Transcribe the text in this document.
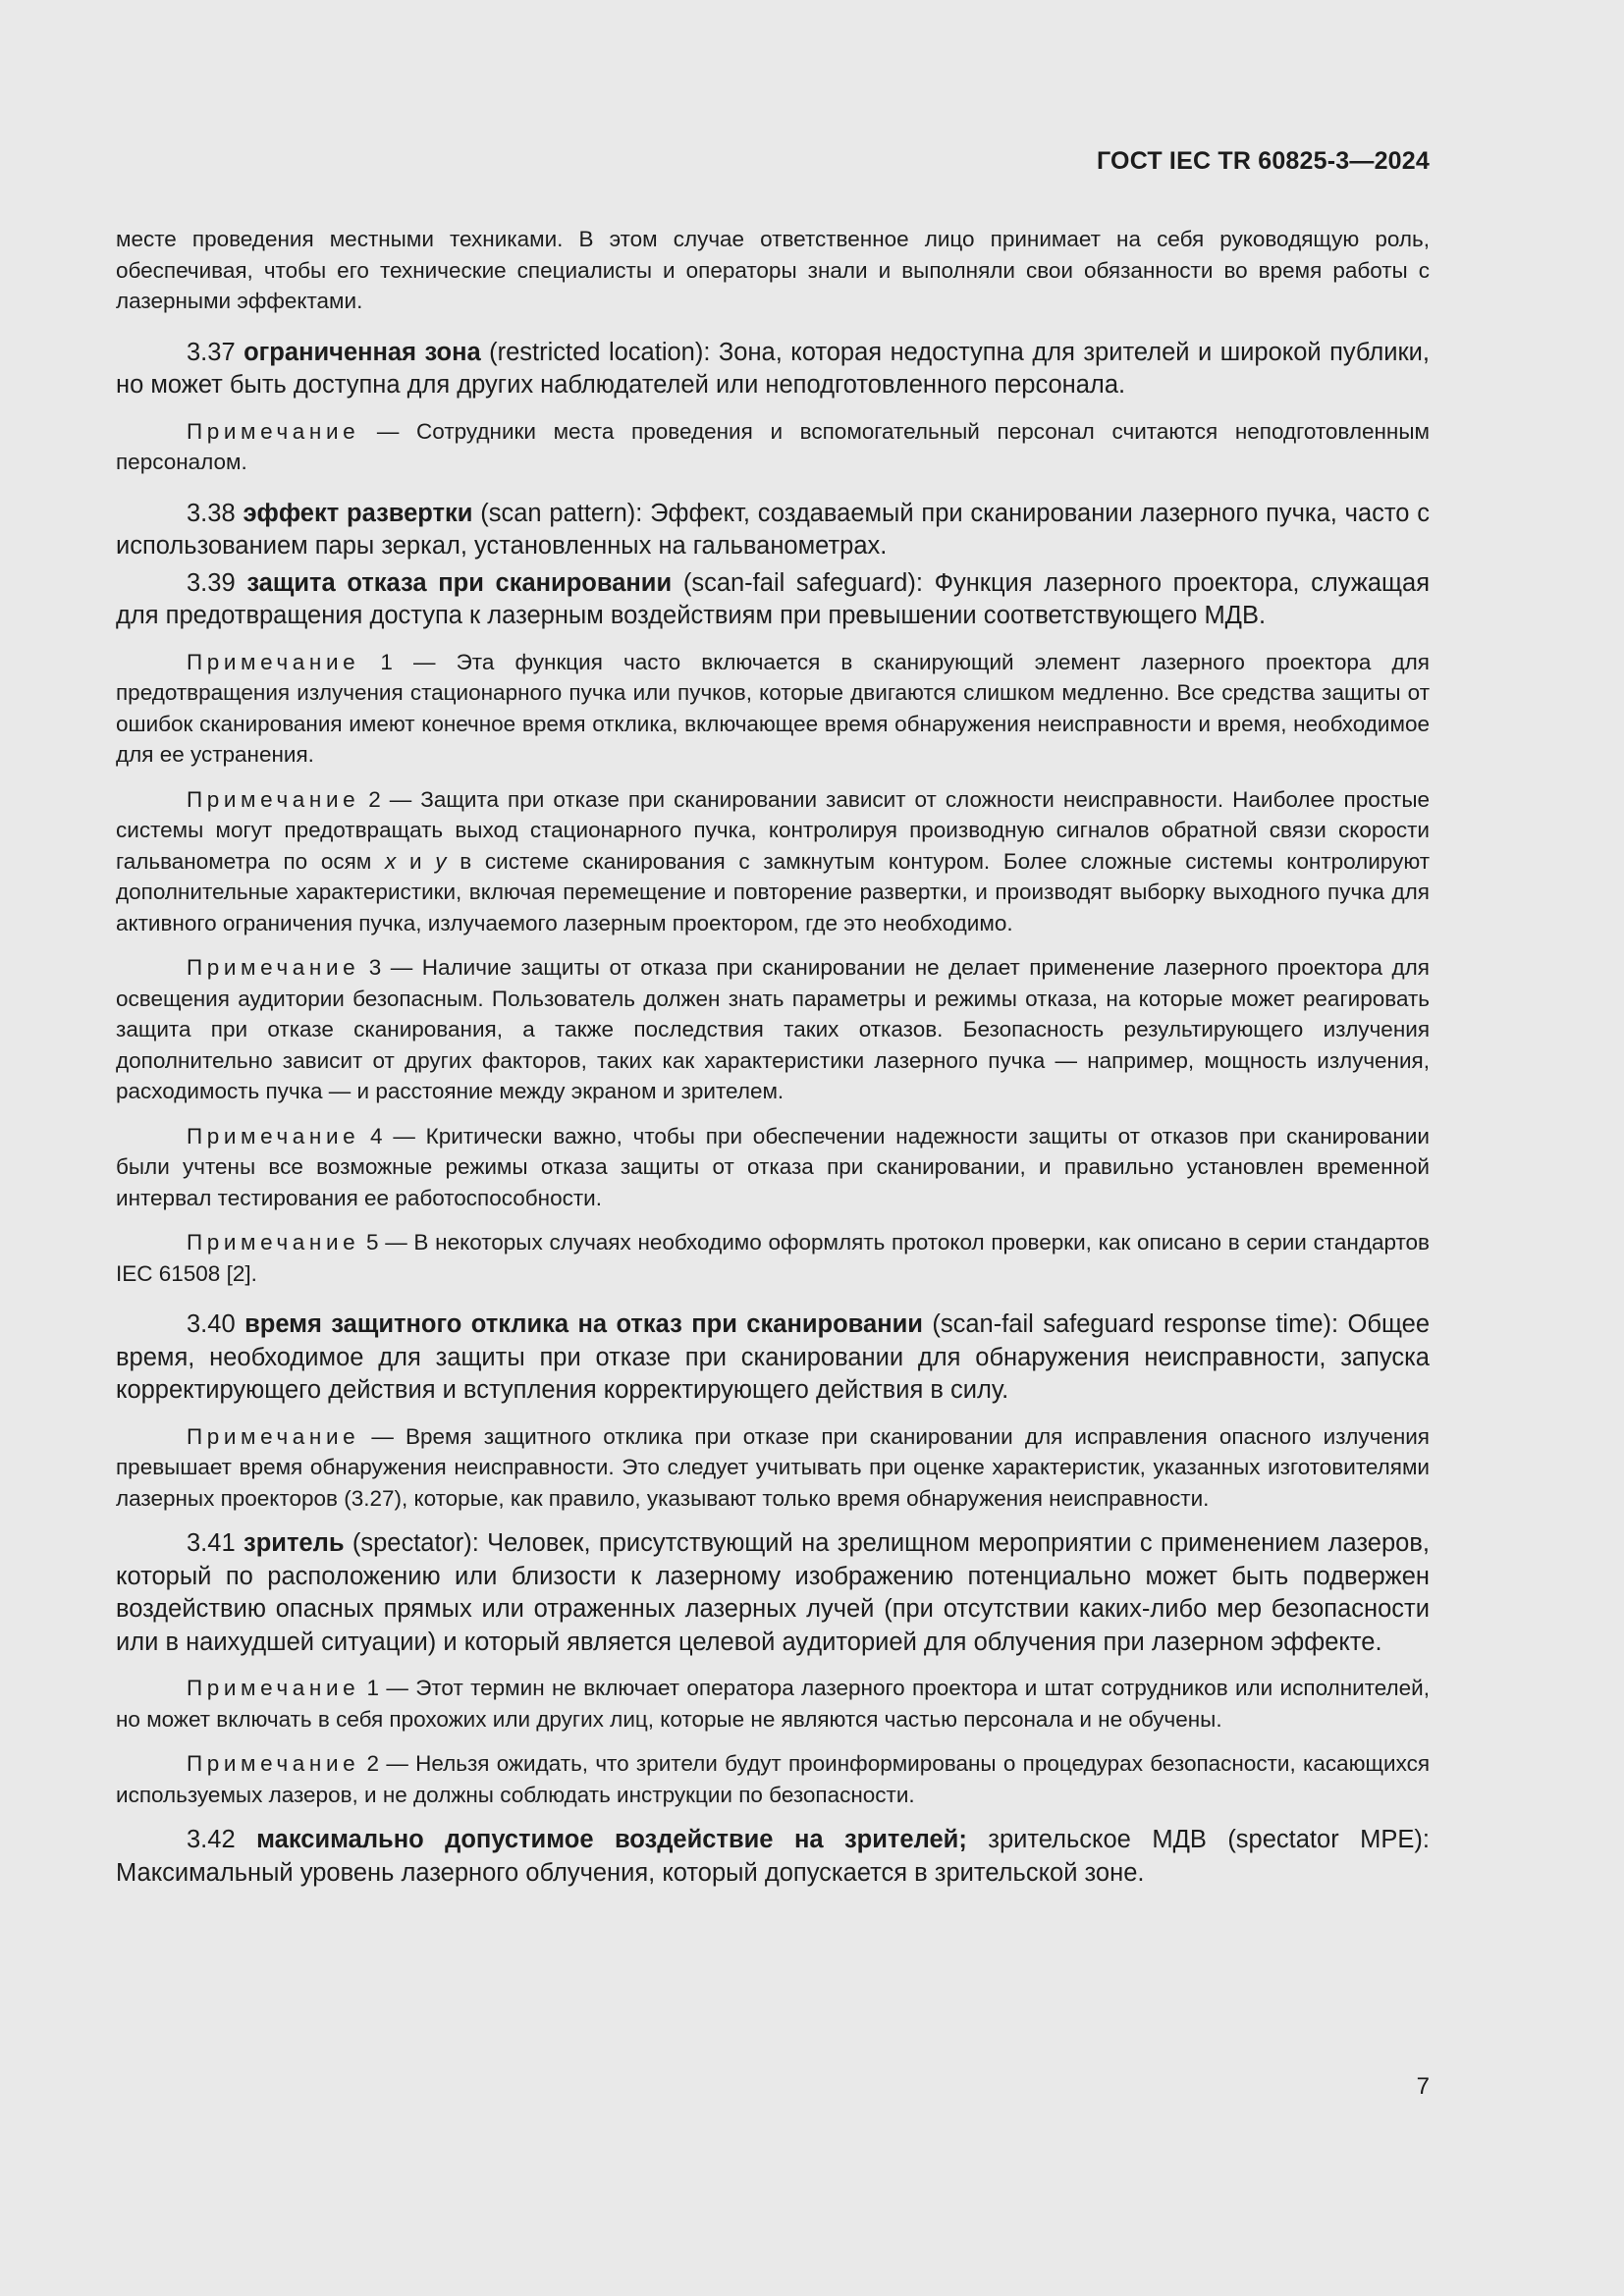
ГОСТ IEC TR 60825-3—2024

месте проведения местными техниками. В этом случае ответственное лицо принимает на себя руководящую роль, обеспечивая, чтобы его технические специалисты и операторы знали и выполняли свои обязанности во время работы с лазерными эффектами.

3.37 ограниченная зона (restricted location): Зона, которая недоступна для зрителей и широкой публики, но может быть доступна для других наблюдателей или неподготовленного персонала.

Примечание — Сотрудники места проведения и вспомогательный персонал считаются неподготовленным персоналом.

3.38 эффект развертки (scan pattern): Эффект, создаваемый при сканировании лазерного пучка, часто с использованием пары зеркал, установленных на гальванометрах.

3.39 защита отказа при сканировании (scan-fail safeguard): Функция лазерного проектора, служащая для предотвращения доступа к лазерным воздействиям при превышении соответствующего МДВ.

Примечание 1 — Эта функция часто включается в сканирующий элемент лазерного проектора для предотвращения излучения стационарного пучка или пучков, которые двигаются слишком медленно. Все средства защиты от ошибок сканирования имеют конечное время отклика, включающее время обнаружения неисправности и время, необходимое для ее устранения.

Примечание 2 — Защита при отказе при сканировании зависит от сложности неисправности. Наиболее простые системы могут предотвращать выход стационарного пучка, контролируя производную сигналов обратной связи скорости гальванометра по осям x и y в системе сканирования с замкнутым контуром. Более сложные системы контролируют дополнительные характеристики, включая перемещение и повторение развертки, и производят выборку выходного пучка для активного ограничения пучка, излучаемого лазерным проектором, где это необходимо.

Примечание 3 — Наличие защиты от отказа при сканировании не делает применение лазерного проектора для освещения аудитории безопасным. Пользователь должен знать параметры и режимы отказа, на которые может реагировать защита при отказе сканирования, а также последствия таких отказов. Безопасность результирующего излучения дополнительно зависит от других факторов, таких как характеристики лазерного пучка — например, мощность излучения, расходимость пучка — и расстояние между экраном и зрителем.

Примечание 4 — Критически важно, чтобы при обеспечении надежности защиты от отказов при сканировании были учтены все возможные режимы отказа защиты от отказа при сканировании, и правильно установлен временной интервал тестирования ее работоспособности.

Примечание 5 — В некоторых случаях необходимо оформлять протокол проверки, как описано в серии стандартов IEC 61508 [2].

3.40 время защитного отклика на отказ при сканировании (scan-fail safeguard response time): Общее время, необходимое для защиты при отказе при сканировании для обнаружения неисправности, запуска корректирующего действия и вступления корректирующего действия в силу.

Примечание — Время защитного отклика при отказе при сканировании для исправления опасного излучения превышает время обнаружения неисправности. Это следует учитывать при оценке характеристик, указанных изготовителями лазерных проекторов (3.27), которые, как правило, указывают только время обнаружения неисправности.

3.41 зритель (spectator): Человек, присутствующий на зрелищном мероприятии с применением лазеров, который по расположению или близости к лазерному изображению потенциально может быть подвержен воздействию опасных прямых или отраженных лазерных лучей (при отсутствии каких-либо мер безопасности или в наихудшей ситуации) и который является целевой аудиторией для облучения при лазерном эффекте.

Примечание 1 — Этот термин не включает оператора лазерного проектора и штат сотрудников или исполнителей, но может включать в себя прохожих или других лиц, которые не являются частью персонала и не обучены.

Примечание 2 — Нельзя ожидать, что зрители будут проинформированы о процедурах безопасности, касающихся используемых лазеров, и не должны соблюдать инструкции по безопасности.

3.42 максимально допустимое воздействие на зрителей; зрительское МДВ (spectator MPE): Максимальный уровень лазерного облучения, который допускается в зрительской зоне.

7
